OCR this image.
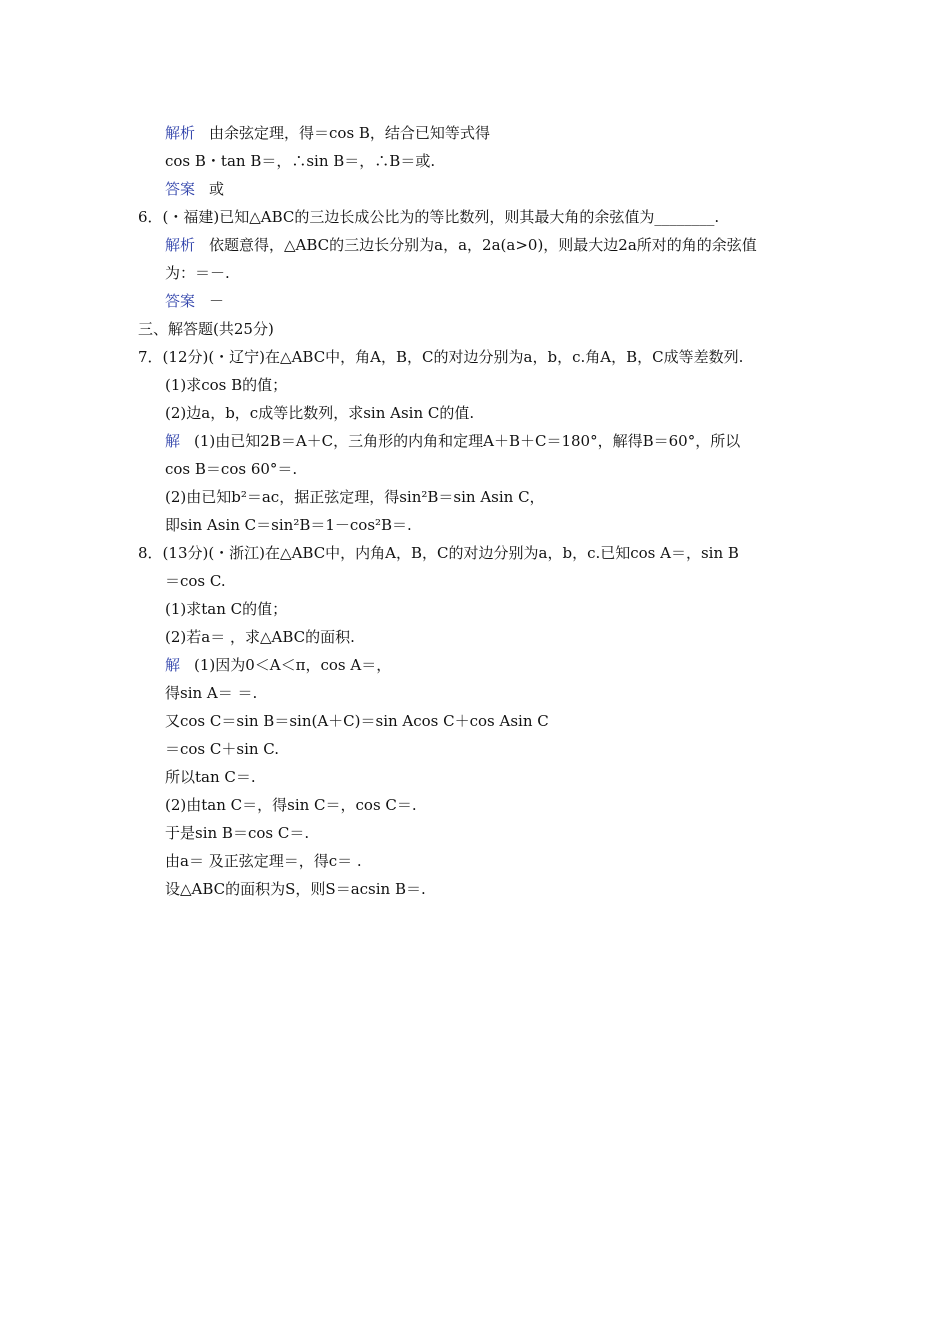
解析 由余弦定理，得＝cos B，结合已知等式得
cos B・tan B＝，∴sin B＝，∴B＝或.
答案 或
6．(・福建)已知△ABC的三边长成公比为的等比数列，则其最大角的余弦值为________.
解析 依题意得，△ABC的三边长分别为a，a，2a(a>0)，则最大边2a所对的角的余弦值
为：＝－.
答案 －
三、解答题(共25分)
7．(12分)(・辽宁)在△ABC中，角A，B，C的对边分别为a，b，c.角A，B，C成等差数列.
(1)求cos B的值；
(2)边a，b，c成等比数列，求sin Asin C的值.
解 (1)由已知2B＝A＋C，三角形的内角和定理A＋B＋C＝180°，解得B＝60°，所以
cos B＝cos 60°＝.
(2)由已知b²＝ac，据正弦定理，得sin²B＝sin Asin C，
即sin Asin C＝sin²B＝1－cos²B＝.
8．(13分)(・浙江)在△ABC中，内角A，B，C的对边分别为a，b，c.已知cos A＝，sin B
＝cos C.
(1)求tan C的值；
(2)若a＝ ，求△ABC的面积.
解 (1)因为0＜A＜π，cos A＝，
得sin A＝ ＝.
又cos C＝sin B＝sin(A＋C)＝sin Acos C＋cos Asin C
＝cos C＋sin C.
所以tan C＝.
(2)由tan C＝，得sin C＝，cos C＝.
于是sin B＝cos C＝.
由a＝ 及正弦定理＝，得c＝ .
设△ABC的面积为S，则S＝acsin B＝.
